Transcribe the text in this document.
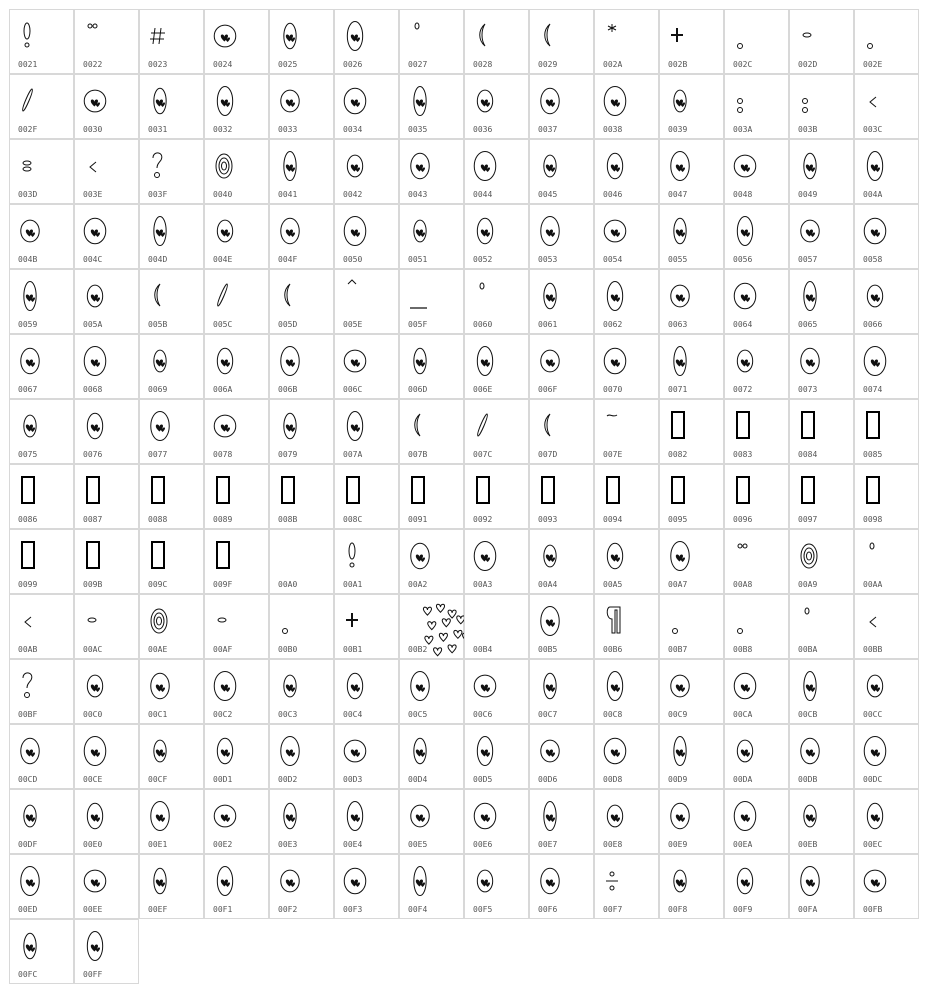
0021	0022	0023	0024	0025	0026	0027	0028	0029	002A	002B	002C	002D	002E
002F	0030	0031	0032	0033	0034	0035	0036	0037	0038	0039	003A	003B	003C
003D	003E	003F	0040	0041	0042	0043	0044	0045	0046	0047	0048	0049	004A
004B	004C	004D	004E	004F	0050	0051	0052	0053	0054	0055	0056	0057	0058
0059	005A	005B	005C	005D	005E	005F	0060	0061	0062	0063	0064	0065	0066
0067	0068	0069	006A	006B	006C	006D	006E	006F	0070	0071	0072	0073	0074
0075	0076	0077	0078	0079	007A	007B	007C	007D	007E	0082	0083	0084	0085
0086	0087	0088	0089	008B	008C	0091	0092	0093	0094	0095	0096	0097	0098
0099	009B	009C	009F	00A0	00A1	00A2	00A3	00A4	00A5	00A7	00A8	00A9	00AA
00AB	00AC	00AE	00AF	00B0	00B1	00B2	00B4	00B5	00B6	00B7	00B8	00BA	00BB
00BF	00C0	00C1	00C2	00C3	00C4	00C5	00C6	00C7	00C8	00C9	00CA	00CB	00CC
00CD	00CE	00CF	00D1	00D2	00D3	00D4	00D5	00D6	00D8	00D9	00DA	00DB	00DC
00DF	00E0	00E1	00E2	00E3	00E4	00E5	00E6	00E7	00E8	00E9	00EA	00EB	00EC
00ED	00EE	00EF	00F1	00F2	00F3	00F4	00F5	00F6	00F7	00F8	00F9	00FA	00FB
00FC	00FF
